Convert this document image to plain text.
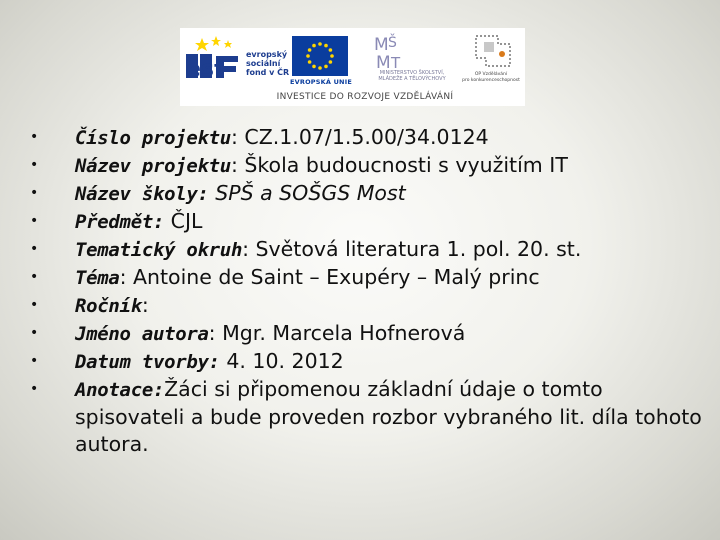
esf
evropský
sociální
fond v ČR
EVROPSKÁ UNIE
M Š
M T
MINISTERSTVO ŠKOLSTVÍ,
MLÁDEŽE A TĚLOVÝCHOVY
OP Vzdělávání
pro konkurenceschopnost
INVESTICE DO ROZVOJE VZDĚLÁVÁNÍ
• Číslo projektu: CZ.1.07/1.5.00/34.0124
• Název projektu: Škola budoucnosti s využitím IT
• Název školy: SPŠ a SOŠGS Most
• Předmět: ČJL
• Tematický okruh: Světová literatura 1. pol. 20. st.
• Téma: Antoine de Saint – Exupéry – Malý princ
• Ročník:
• Jméno autora: Mgr. Marcela Hofnerová
• Datum tvorby: 4. 10. 2012
• Anotace:Žáci si připomenou základní údaje o tomto spisovateli a bude proveden rozbor vybraného lit. díla tohoto autora.
